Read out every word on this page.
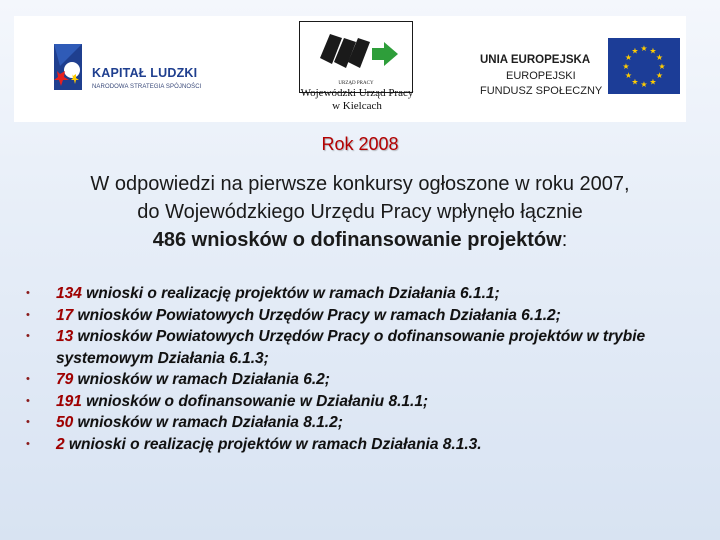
KAPITAŁ LUDZKI
NARODOWA STRATEGIA SPÓJNOŚCI
URZĄD PRACY
Wojewódzki Urząd Pracy
w Kielcach
UNIA EUROPEJSKA
EUROPEJSKI
FUNDUSZ SPOŁECZNY
★ ★
★
★
★
★
★
★
★
★
★
★
Rok 2008
W odpowiedzi na pierwsze konkursy ogłoszone w roku 2007,
do Wojewódzkiego Urzędu Pracy wpłynęło łącznie
486 wniosków o dofinansowanie projektów:
• 134 wnioski o realizację projektów w ramach Działania 6.1.1;
• 17 wniosków Powiatowych Urzędów Pracy w ramach Działania 6.1.2;
• 13 wniosków Powiatowych Urzędów Pracy o dofinansowanie projektów w trybie systemowym Działania 6.1.3;
• 79 wniosków w ramach Działania 6.2;
• 191 wniosków o dofinansowanie w Działaniu 8.1.1;
• 50 wniosków w ramach Działania 8.1.2;
• 2 wnioski o realizację projektów w ramach Działania 8.1.3.
